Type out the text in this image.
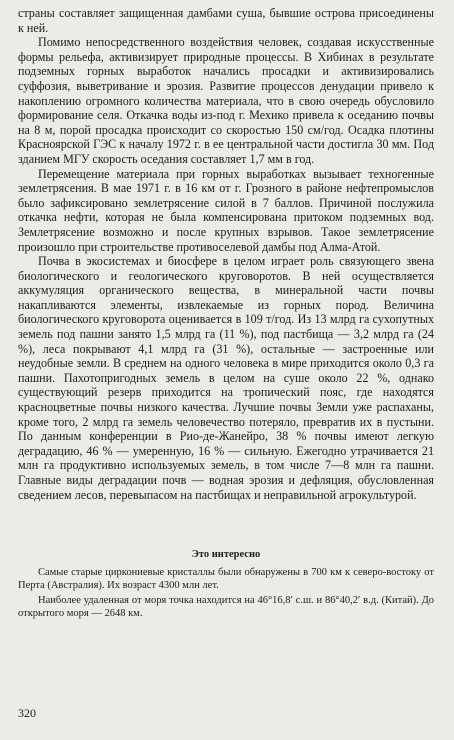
страны составляет защищенная дамбами суша, бывшие острова присоединены к ней.

Помимо непосредственного воздействия человек, создавая искусственные формы рельефа, активизирует природные процессы. В Хибинах в результате подземных горных выработок начались просадки и активизировались суффозия, выветривание и эрозия. Развитие процессов денудации привело к накоплению огромного количества материала, что в свою очередь обусловило формирование селя. Откачка воды из-под г. Мехико привела к оседанию почвы на 8 м, порой просадка происходит со скоростью 150 см/год. Осадка плотины Красноярской ГЭС к началу 1972 г. в ее центральной части достигла 30 мм. Под зданием МГУ скорость оседания составляет 1,7 мм в год.

Перемещение материала при горных выработках вызывает техногенные землетрясения. В мае 1971 г. в 16 км от г. Грозного в районе нефтепромыслов было зафиксировано землетрясение силой в 7 баллов. Причиной послужила откачка нефти, которая не была компенсирована притоком подземных вод. Землетрясение возможно и после крупных взрывов. Такое землетрясение произошло при строительстве противоселевой дамбы под Алма-Атой.

Почва в экосистемах и биосфере в целом играет роль связующего звена биологического и геологического круговоротов. В ней осуществляется аккумуляция органического вещества, в минеральной части почвы накапливаются элементы, извлекаемые из горных пород. Величина биологического круговорота оценивается в 109 т/год. Из 13 млрд га сухопутных земель под пашни занято 1,5 млрд га (11 %), под пастбища — 3,2 млрд га (24 %), леса покрывают 4,1 млрд га (31 %), остальные — застроенные или неудобные земли. В среднем на одного человека в мире приходится около 0,3 га пашни. Пахотопригодных земель в целом на суше около 22 %, однако существующий резерв приходится на тропический пояс, где находятся красноцветные почвы низкого качества. Лучшие почвы Земли уже распаханы, кроме того, 2 млрд га земель человечество потеряло, превратив их в пустыни. По данным конференции в Рио-де-Жанейро, 38 % почвы имеют легкую деградацию, 46 % — умеренную, 16 % — сильную. Ежегодно утрачивается 21 млн га продуктивно используемых земель, в том числе 7—8 млн га пашни. Главные виды деградации почв — водная эрозия и дефляция, обусловленная сведением лесов, перевыпасом на пастбищах и неправильной агрокультурой.

Это интересно

Самые старые циркониевые кристаллы были обнаружены в 700 км к северо-востоку от Перта (Австралия). Их возраст 4300 млн лет.

Наиболее удаленная от моря точка находится на 46°16,8′ с.ш. и 86°40,2′ в.д. (Китай). До открытого моря — 2648 км.

320
